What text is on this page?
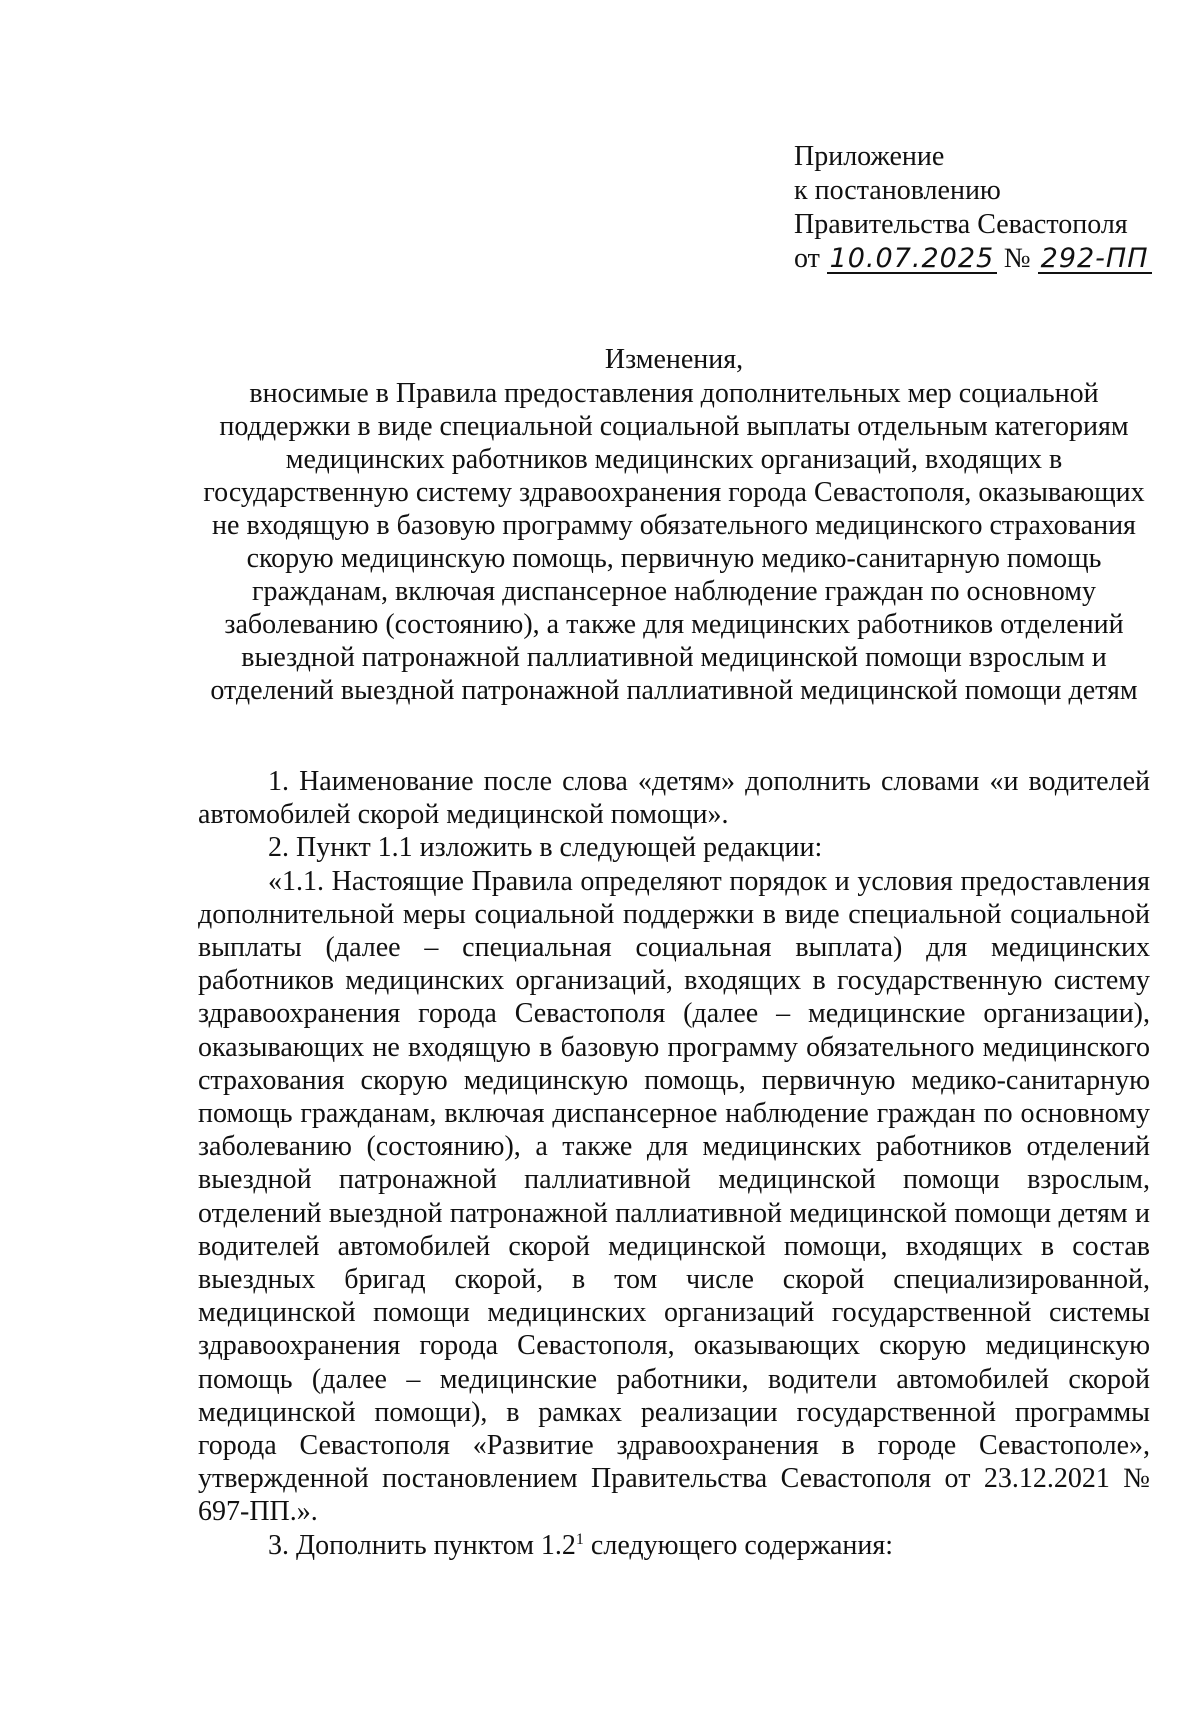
Приложение
к постановлению
Правительства Севастополя
от 10.07.2025 № 292-ПП
Изменения,
вносимые в Правила предоставления дополнительных мер социальной поддержки в виде специальной социальной выплаты отдельным категориям медицинских работников медицинских организаций, входящих в государственную систему здравоохранения города Севастополя, оказывающих не входящую в базовую программу обязательного медицинского страхования скорую медицинскую помощь, первичную медико-санитарную помощь гражданам, включая диспансерное наблюдение граждан по основному заболеванию (состоянию), а также для медицинских работников отделений выездной патронажной паллиативной медицинской помощи взрослым и отделений выездной патронажной паллиативной медицинской помощи детям

1. Наименование после слова «детям» дополнить словами «и водителей автомобилей скорой медицинской помощи».

2. Пункт 1.1 изложить в следующей редакции:

«1.1. Настоящие Правила определяют порядок и условия предоставления дополнительной меры социальной поддержки в виде специальной социальной выплаты (далее – специальная социальная выплата) для медицинских работников медицинских организаций, входящих в государственную систему здравоохранения города Севастополя (далее – медицинские организации), оказывающих не входящую в базовую программу обязательного медицинского страхования скорую медицинскую помощь, первичную медико-санитарную помощь гражданам, включая диспансерное наблюдение граждан по основному заболеванию (состоянию), а также для медицинских работников отделений выездной патронажной паллиативной медицинской помощи взрослым, отделений выездной патронажной паллиативной медицинской помощи детям и водителей автомобилей скорой медицинской помощи, входящих в состав выездных бригад скорой, в том числе скорой специализированной, медицинской помощи медицинских организаций государственной системы здравоохранения города Севастополя, оказывающих скорую медицинскую помощь (далее – медицинские работники, водители автомобилей скорой медицинской помощи), в рамках реализации государственной программы города Севастополя «Развитие здравоохранения в городе Севастополе», утвержденной постановлением Правительства Севастополя от 23.12.2021 № 697-ПП.».

3. Дополнить пунктом $1.2^1$ следующего содержания:
